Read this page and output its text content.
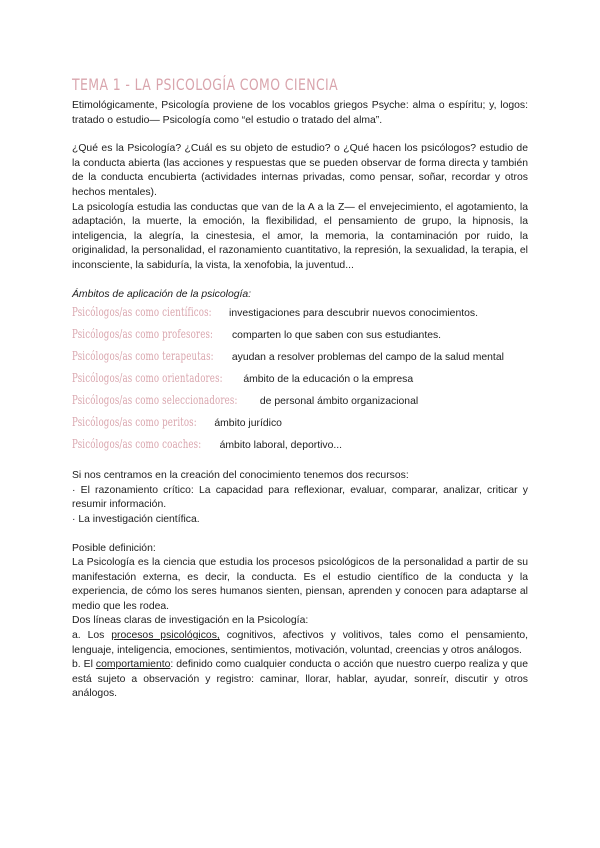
TEMA 1 - LA PSICOLOGÍA COMO CIENCIA

Etimológicamente, Psicología proviene de los vocablos griegos Psyche: alma o espíritu; y, logos: tratado o estudio— Psicología como “el estudio o tratado del alma”.

¿Qué es la Psicología? ¿Cuál es su objeto de estudio? o ¿Qué hacen los psicólogos? estudio de la conducta abierta (las acciones y respuestas que se pueden observar de forma directa y también de la conducta encubierta (actividades internas privadas, como pensar, soñar, recordar y otros hechos mentales).

La psicología estudia las conductas que van de la A a la Z— el envejecimiento, el agotamiento, la adaptación, la muerte, la emoción, la flexibilidad, el pensamiento de grupo, la hipnosis, la inteligencia, la alegría, la cinestesia, el amor, la memoria, la contaminación por ruido, la originalidad, la personalidad, el razonamiento cuantitativo, la represión, la sexualidad, la terapia, el inconsciente, la sabiduría, la vista, la xenofobia, la juventud...

Ámbitos de aplicación de la psicología:

Psicólogos/as como científicos: investigaciones para descubrir nuevos conocimientos.
Psicólogos/as como profesores: comparten lo que saben con sus estudiantes.
Psicólogos/as como terapeutas: ayudan a resolver problemas del campo de la salud mental
Psicólogos/as como orientadores: ámbito de la educación o la empresa
Psicólogos/as como seleccionadores: de personal ámbito organizacional
Psicólogos/as como peritos: ámbito jurídico
Psicólogos/as como coaches: ámbito laboral, deportivo...

Si nos centramos en la creación del conocimiento tenemos dos recursos:

· El razonamiento crítico: La capacidad para reflexionar, evaluar, comparar, analizar, criticar y resumir información.

· La investigación científica.

Posible definición:

La Psicología es la ciencia que estudia los procesos psicológicos de la personalidad a partir de su manifestación externa, es decir, la conducta. Es el estudio científico de la conducta y la experiencia, de cómo los seres humanos sienten, piensan, aprenden y conocen para adaptarse al medio que les rodea.

Dos líneas claras de investigación en la Psicología:

a. Los procesos psicológicos, cognitivos, afectivos y volitivos, tales como el pensamiento, lenguaje, inteligencia, emociones, sentimientos, motivación, voluntad, creencias y otros análogos.

b. El comportamiento: definido como cualquier conducta o acción que nuestro cuerpo realiza y que está sujeto a observación y registro: caminar, llorar, hablar, ayudar, sonreír, discutir y otros análogos.
